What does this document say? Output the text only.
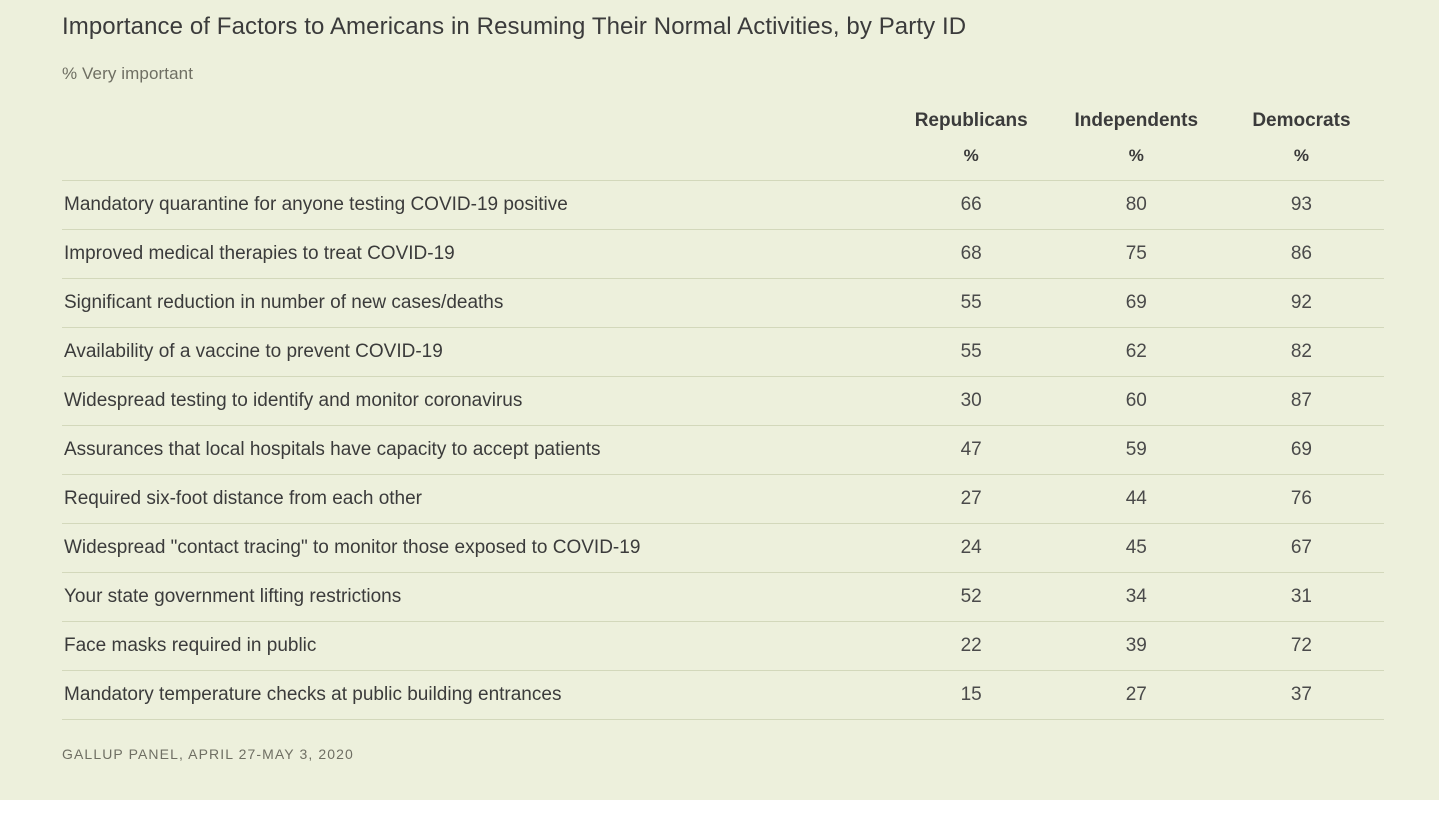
Importance of Factors to Americans in Resuming Their Normal Activities, by Party ID
% Very important
	Republicans	Independents	Democrats
	%	%	%
Mandatory quarantine for anyone testing COVID-19 positive	66	80	93
Improved medical therapies to treat COVID-19	68	75	86
Significant reduction in number of new cases/deaths	55	69	92
Availability of a vaccine to prevent COVID-19	55	62	82
Widespread testing to identify and monitor coronavirus	30	60	87
Assurances that local hospitals have capacity to accept patients	47	59	69
Required six-foot distance from each other	27	44	76
Widespread "contact tracing" to monitor those exposed to COVID-19	24	45	67
Your state government lifting restrictions	52	34	31
Face masks required in public	22	39	72
Mandatory temperature checks at public building entrances	15	27	37
GALLUP PANEL, APRIL 27-MAY 3, 2020
